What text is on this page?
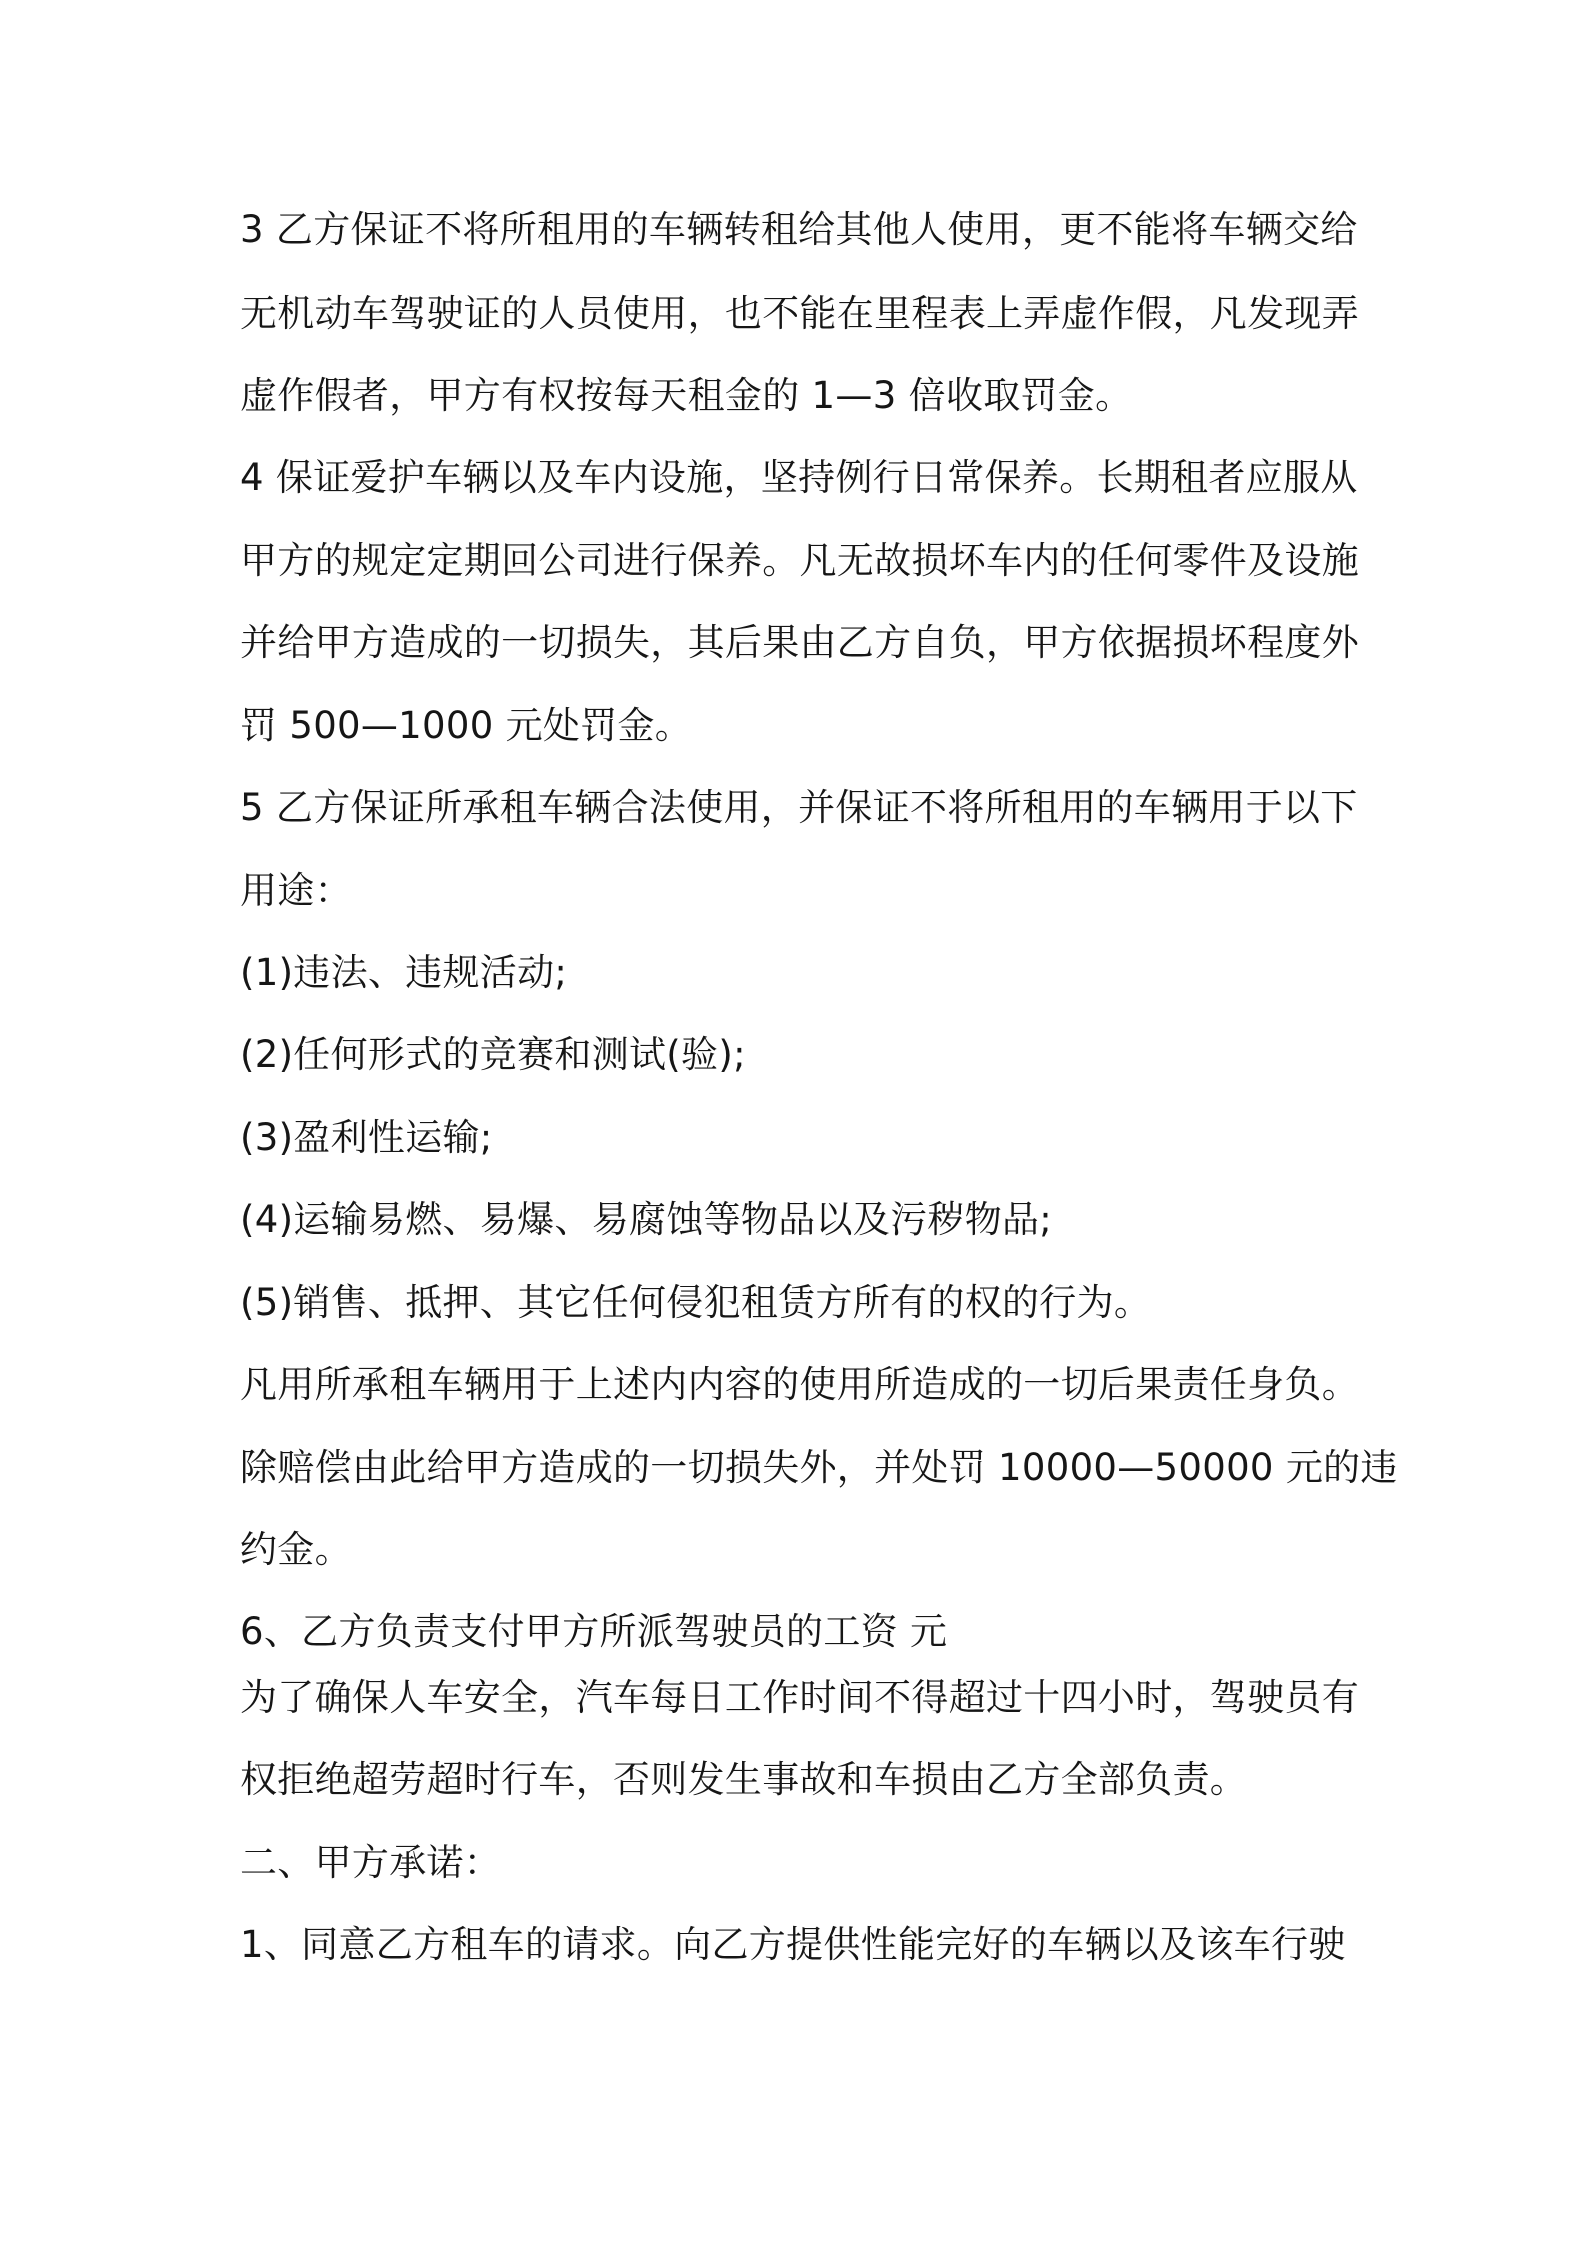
3 乙方保证不将所租用的车辆转租给其他人使用，更不能将车辆交给
无机动车驾驶证的人员使用，也不能在里程表上弄虚作假，凡发现弄
虚作假者，甲方有权按每天租金的 1—3 倍收取罚金。
4 保证爱护车辆以及车内设施，坚持例行日常保养。长期租者应服从
甲方的规定定期回公司进行保养。凡无故损坏车内的任何零件及设施
并给甲方造成的一切损失，其后果由乙方自负，甲方依据损坏程度外
罚 500—1000 元处罚金。
5 乙方保证所承租车辆合法使用，并保证不将所租用的车辆用于以下
用途：
(1)违法、违规活动;
(2)任何形式的竞赛和测试(验);
(3)盈利性运输;
(4)运输易燃、易爆、易腐蚀等物品以及污秽物品;
(5)销售、抵押、其它任何侵犯租赁方所有的权的行为。
凡用所承租车辆用于上述内内容的使用所造成的一切后果责任身负。
除赔偿由此给甲方造成的一切损失外，并处罚 10000—50000 元的违
约金。
6、乙方负责支付甲方所派驾驶员的工资 元
为了确保人车安全，汽车每日工作时间不得超过十四小时，驾驶员有
权拒绝超劳超时行车，否则发生事故和车损由乙方全部负责。
二、甲方承诺：
1、同意乙方租车的请求。向乙方提供性能完好的车辆以及该车行驶
